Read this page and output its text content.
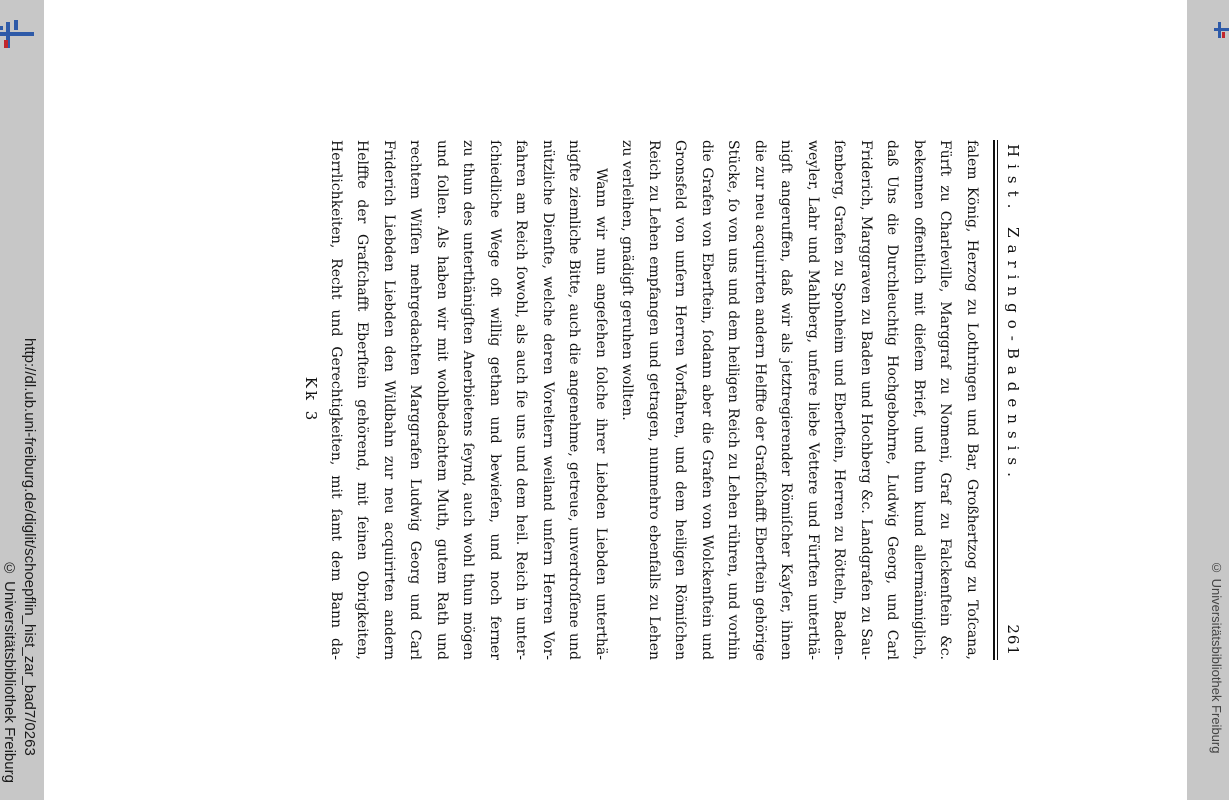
http://dl.ub.uni-freiburg.de/diglit/schoepflin_hist_zar_bad7/0263
© Universitätsbibliothek Freiburg	© Universitätsbibliothek Freiburg
Hist. Zaringo-Badensis.
261

falem König, Herzog zu Lothringen und Bar, Großhertzog zu Toſcana,
Fürſt zu Charleville, Marggraf zu Nomeni, Graf zu Falckenſtein &c.
bekennen offentlich mit dieſem Brief, und thun kund allermänniglich,
daß Uns die Durchleuchtig Hochgebohrne, Ludwig Georg, und Carl
Friderich, Marggraven zu Baden und Hochberg &c. Landgrafen zu Sau-
ſenberg, Grafen zu Sponheim und Eberſtein, Herren zu Rötteln, Baden-
weyler, Lahr und Mahlberg, unſere liebe Vettere und Fürſten unterthä-
nigſt angeruffen, daß wir als jetztregierender Römiſcher Kayſer, ihnen
die zur neu acquirirten andern Helffte der Grafſchafft Eberſtein gehörige
Stücke, ſo von uns und dem heiligen Reich zu Lehen rühren, und vorhin
die Grafen von Eberſtein, ſodann aber die Grafen von Wolckenſtein und
Gronsfeld von unſern Herren Vorfahren, und dem heiligen Römiſchen
Reich zu Lehen empfangen und getragen, nunmehro ebenfalls zu Lehen
zu verleihen, gnädigſt geruhen wollten.
Wann wir nun angeſehen ſolche ihrer Liebden Liebden unterthä-
nigſte ziemliche Bitte, auch die angenehme, getreue, unverdroſſene und
nützliche Dienſte, welche deren Voreltern weiland unſern Herren Vor-
fahren am Reich ſowohl, als auch ſie uns und dem heil. Reich in unter-
ſchiedliche Wege oft willig gethan und bewieſen, und noch ferner
zu thun des unterthänigſten Anerbietens ſeynd, auch wohl thun mögen
und ſollen. Als haben wir mit wohlbedachtem Muth, gutem Rath und
rechtem Wiſſen mehrgedachten Marggrafen Ludwig Georg und Carl
Friderich Liebden Liebden den Wildbahn zur neu acquirirten andern
Helffte der Grafſchafft Eberſtein gehörend, mit ſeinen Obrigkeiten,
Herrlichkeiten, Recht und Gerechtigkeiten, mit ſamt dem Bann da-

Kk 3
